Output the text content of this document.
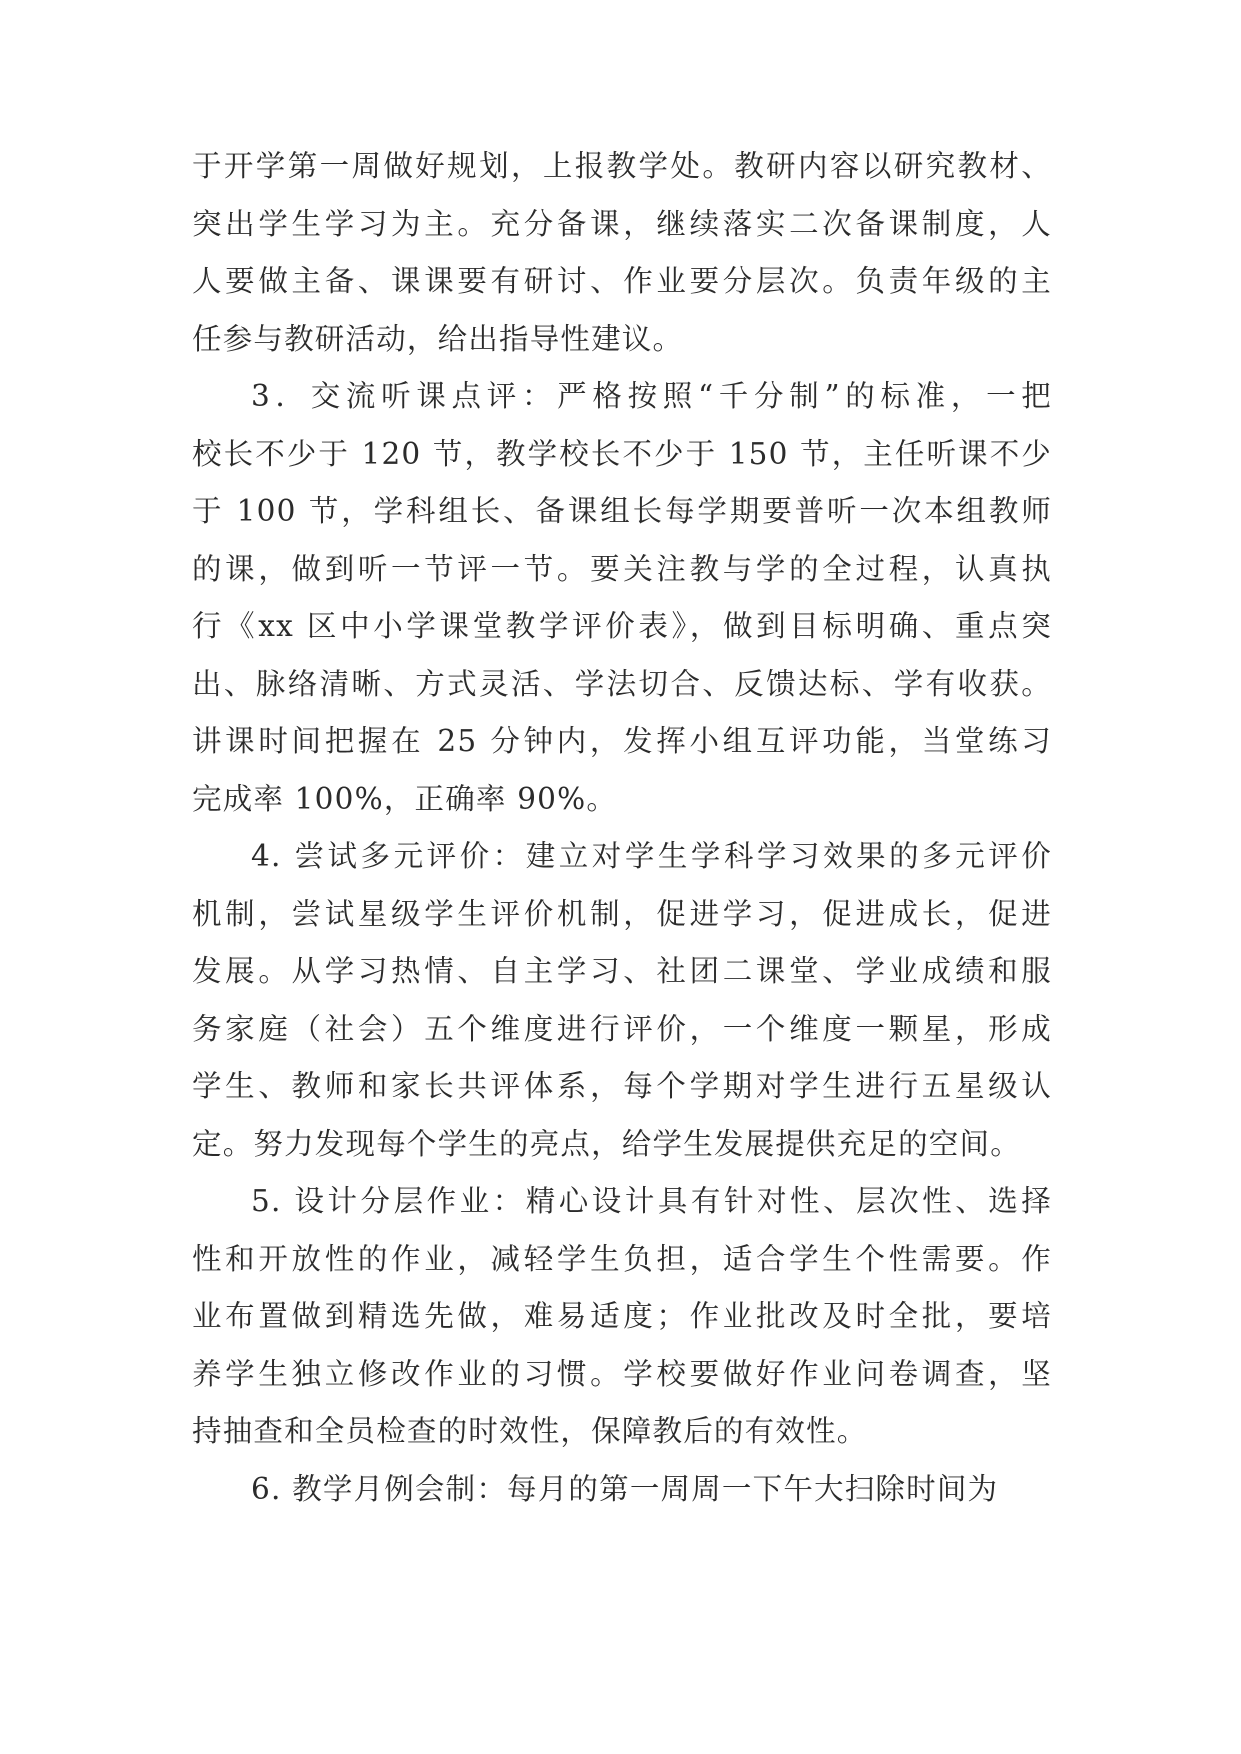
于开学第一周做好规划，上报教学处。教研内容以研究教材、
突出学生学习为主。充分备课，继续落实二次备课制度，人
人要做主备、课课要有研讨、作业要分层次。负责年级的主
任参与教研活动，给出指导性建议。
3．交流听课点评：严格按照“千分制”的标准，一把
校长不少于 120 节，教学校长不少于 150 节，主任听课不少
于 100 节，学科组长、备课组长每学期要普听一次本组教师
的课，做到听一节评一节。要关注教与学的全过程，认真执
行《xx 区中小学课堂教学评价表》，做到目标明确、重点突
出、脉络清晰、方式灵活、学法切合、反馈达标、学有收获。
讲课时间把握在 25 分钟内，发挥小组互评功能，当堂练习
完成率 100%，正确率 90%。
4. 尝试多元评价：建立对学生学科学习效果的多元评价
机制，尝试星级学生评价机制，促进学习，促进成长，促进
发展。从学习热情、自主学习、社团二课堂、学业成绩和服
务家庭（社会）五个维度进行评价，一个维度一颗星，形成
学生、教师和家长共评体系，每个学期对学生进行五星级认
定。努力发现每个学生的亮点，给学生发展提供充足的空间。
5. 设计分层作业：精心设计具有针对性、层次性、选择
性和开放性的作业，减轻学生负担，适合学生个性需要。作
业布置做到精选先做，难易适度；作业批改及时全批，要培
养学生独立修改作业的习惯。学校要做好作业问卷调查，坚
持抽查和全员检查的时效性，保障教后的有效性。
6. 教学月例会制：每月的第一周周一下午大扫除时间为
